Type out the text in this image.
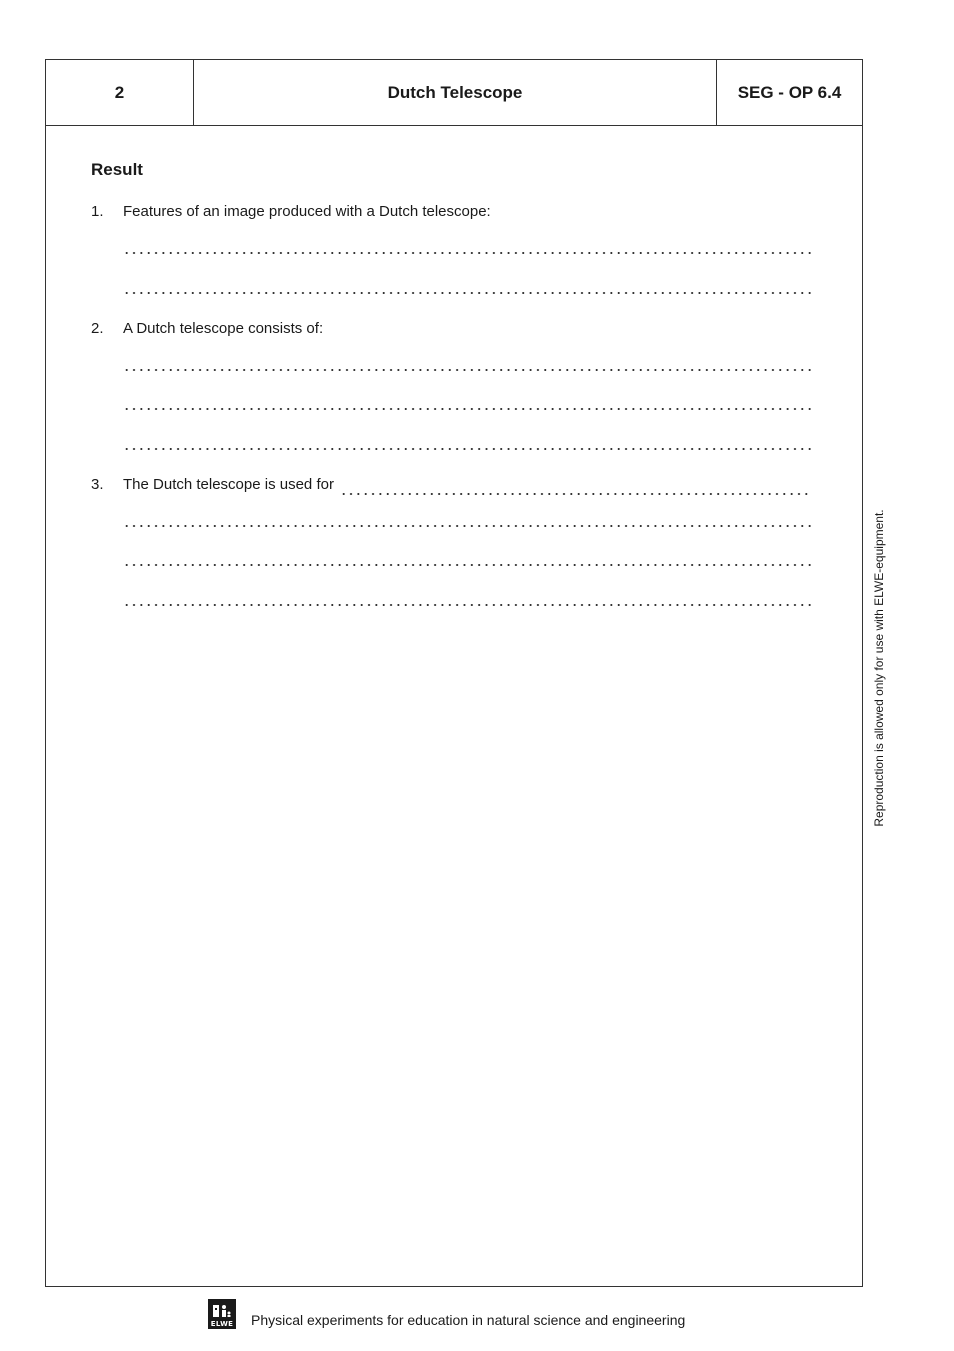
2	Dutch Telescope	SEG - OP 6.4
Result
1. Features of an image produced with a Dutch telescope:
2. A Dutch telescope consists of:
3. The Dutch telescope is used for
Reproduction is allowed only for use with ELWE-equipment.
ELWE Physical experiments for education in natural science and engineering
